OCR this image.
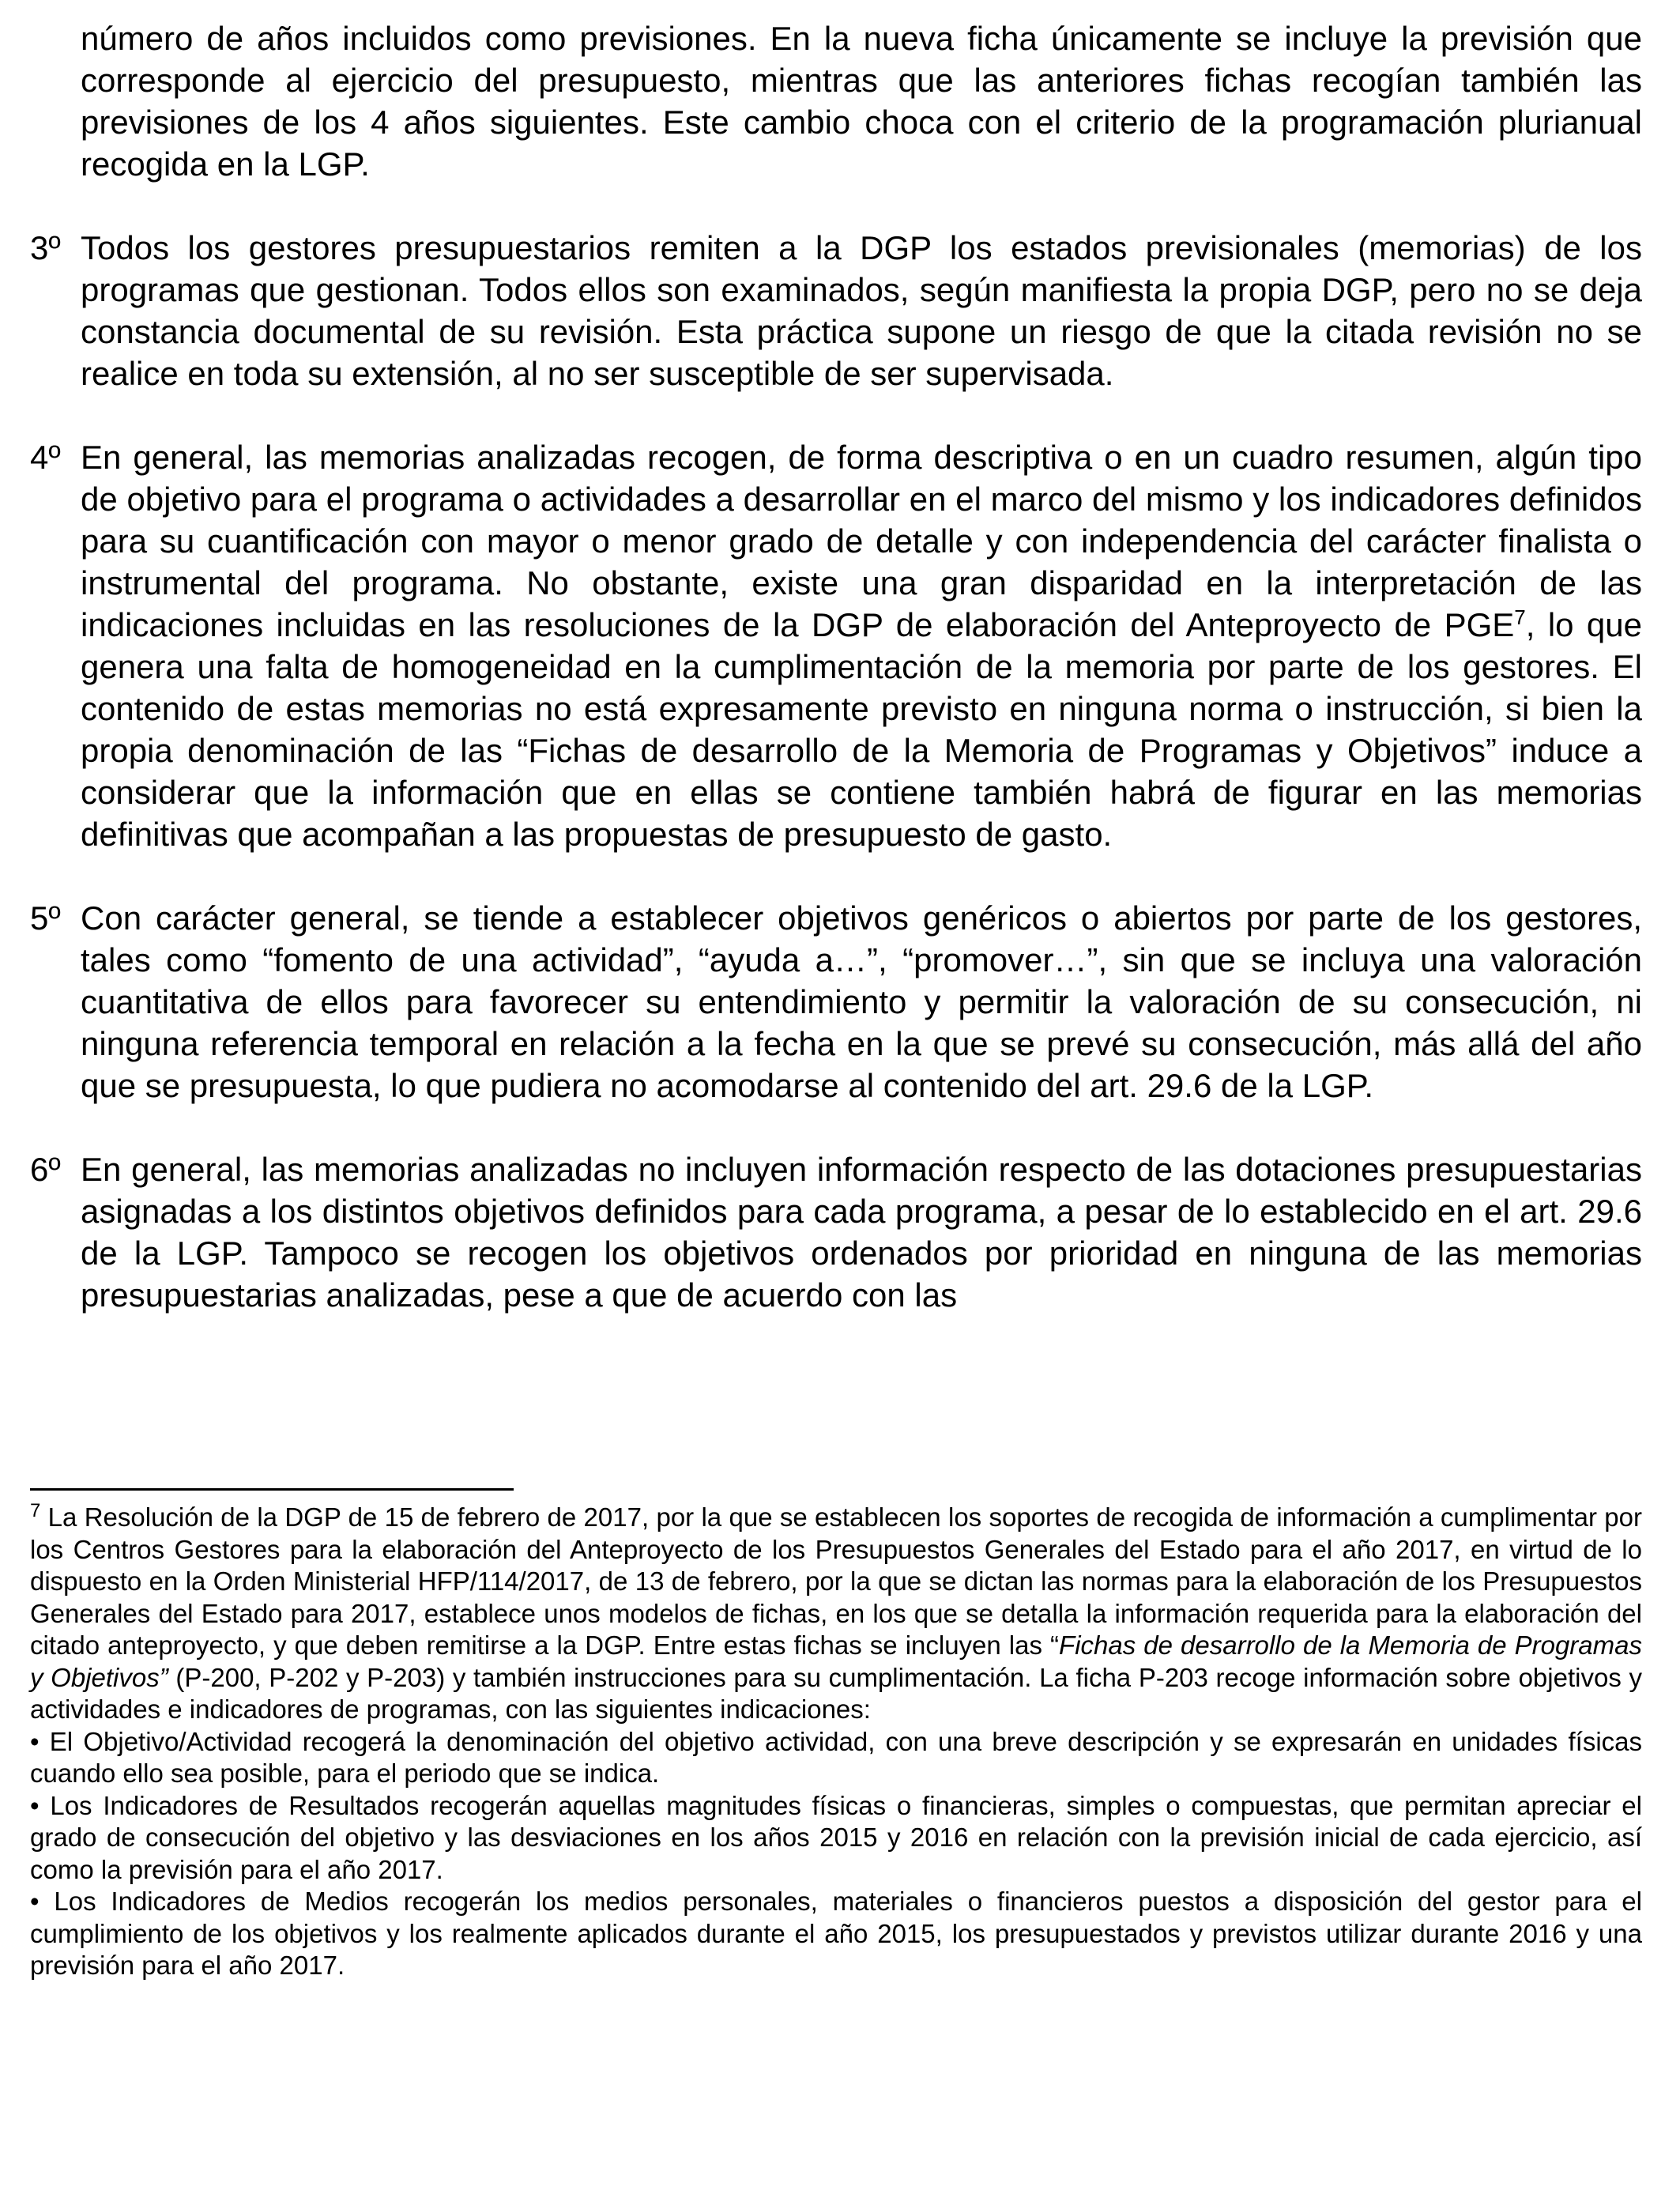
número de años incluidos como previsiones. En la nueva ficha únicamente se incluye la previsión que corresponde al ejercicio del presupuesto, mientras que las anteriores fichas recogían también las previsiones de los 4 años siguientes. Este cambio choca con el criterio de la programación plurianual recogida en la LGP.
3º Todos los gestores presupuestarios remiten a la DGP los estados previsionales (memorias) de los programas que gestionan. Todos ellos son examinados, según manifiesta la propia DGP, pero no se deja constancia documental de su revisión. Esta práctica supone un riesgo de que la citada revisión no se realice en toda su extensión, al no ser susceptible de ser supervisada.
4º En general, las memorias analizadas recogen, de forma descriptiva o en un cuadro resumen, algún tipo de objetivo para el programa o actividades a desarrollar en el marco del mismo y los indicadores definidos para su cuantificación con mayor o menor grado de detalle y con independencia del carácter finalista o instrumental del programa. No obstante, existe una gran disparidad en la interpretación de las indicaciones incluidas en las resoluciones de la DGP de elaboración del Anteproyecto de PGE$^7$, lo que genera una falta de homogeneidad en la cumplimentación de la memoria por parte de los gestores. El contenido de estas memorias no está expresamente previsto en ninguna norma o instrucción, si bien la propia denominación de las “Fichas de desarrollo de la Memoria de Programas y Objetivos” induce a considerar que la información que en ellas se contiene también habrá de figurar en las memorias definitivas que acompañan a las propuestas de presupuesto de gasto.
5º Con carácter general, se tiende a establecer objetivos genéricos o abiertos por parte de los gestores, tales como “fomento de una actividad”, “ayuda a…”, “promover…”, sin que se incluya una valoración cuantitativa de ellos para favorecer su entendimiento y permitir la valoración de su consecución, ni ninguna referencia temporal en relación a la fecha en la que se prevé su consecución, más allá del año que se presupuesta, lo que pudiera no acomodarse al contenido del art. 29.6 de la LGP.
6º En general, las memorias analizadas no incluyen información respecto de las dotaciones presupuestarias asignadas a los distintos objetivos definidos para cada programa, a pesar de lo establecido en el art. 29.6 de la LGP. Tampoco se recogen los objetivos ordenados por prioridad en ninguna de las memorias presupuestarias analizadas, pese a que de acuerdo con las

$^7$ La Resolución de la DGP de 15 de febrero de 2017, por la que se establecen los soportes de recogida de información a cumplimentar por los Centros Gestores para la elaboración del Anteproyecto de los Presupuestos Generales del Estado para el año 2017, en virtud de lo dispuesto en la Orden Ministerial HFP/114/2017, de 13 de febrero, por la que se dictan las normas para la elaboración de los Presupuestos Generales del Estado para 2017, establece unos modelos de fichas, en los que se detalla la información requerida para la elaboración del citado anteproyecto, y que deben remitirse a la DGP. Entre estas fichas se incluyen las “Fichas de desarrollo de la Memoria de Programas y Objetivos” (P-200, P-202 y P-203) y también instrucciones para su cumplimentación. La ficha P-203 recoge información sobre objetivos y actividades e indicadores de programas, con las siguientes indicaciones:

• El Objetivo/Actividad recogerá la denominación del objetivo actividad, con una breve descripción y se expresarán en unidades físicas cuando ello sea posible, para el periodo que se indica.

• Los Indicadores de Resultados recogerán aquellas magnitudes físicas o financieras, simples o compuestas, que permitan apreciar el grado de consecución del objetivo y las desviaciones en los años 2015 y 2016 en relación con la previsión inicial de cada ejercicio, así como la previsión para el año 2017.

• Los Indicadores de Medios recogerán los medios personales, materiales o financieros puestos a disposición del gestor para el cumplimiento de los objetivos y los realmente aplicados durante el año 2015, los presupuestados y previstos utilizar durante 2016 y una previsión para el año 2017.
